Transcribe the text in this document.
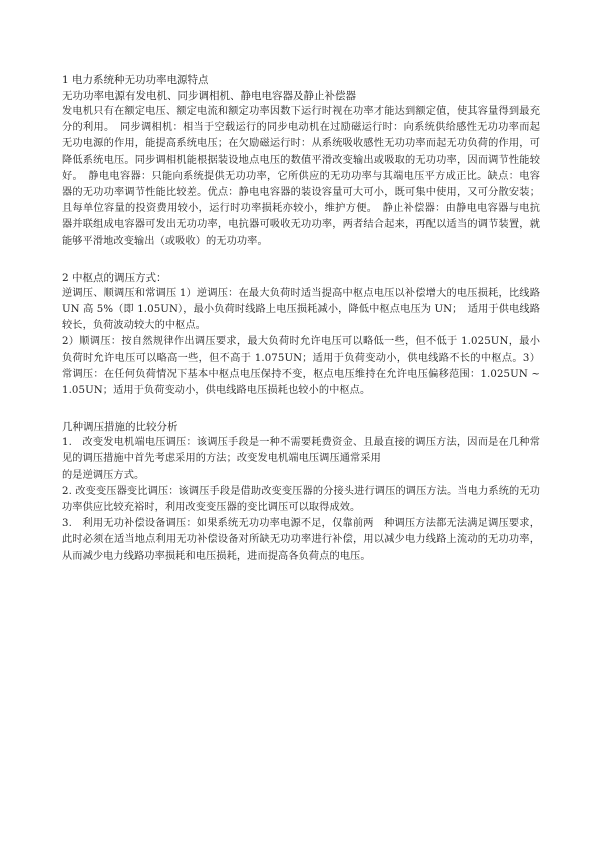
1 电力系统种无功功率电源特点
无功功率电源有发电机、同步调相机、静电电容器及静止补偿器

发电机只有在额定电压、额定电流和额定功率因数下运行时视在功率才能达到额定值，使其容量得到最充分的利用。　同步调相机：相当于空载运行的同步电动机在过励磁运行时：向系统供给感性无功功率而起无功电源的作用，能提高系统电压；在欠励磁运行时：从系统吸收感性无功功率而起无功负荷的作用，可降低系统电压。同步调相机能根据装设地点电压的数值平滑改变输出或吸取的无功功率，因而调节性能较好。　静电电容器：只能向系统提供无功功率，它所供应的无功功率与其端电压平方成正比。缺点：电容器的无功功率调节性能比较差。优点：静电电容器的装设容量可大可小，既可集中使用，又可分散安装；且每单位容量的投资费用较小，运行时功率损耗亦较小，维护方便。　静止补偿器：由静电电容器与电抗器并联组成电容器可发出无功功率，电抗器可吸收无功功率，两者结合起来，再配以适当的调节装置，就能够平滑地改变输出（或吸收）的无功功率。

2 中枢点的调压方式：

逆调压、顺调压和常调压 1）逆调压：在最大负荷时适当提高中枢点电压以补偿增大的电压损耗，比线路 UN 高 5%（即 1.05UN），最小负荷时线路上电压损耗减小，降低中枢点电压为 UN；　适用于供电线路较长，负荷波动较大的中枢点。

2）顺调压：按自然规律作出调压要求，最大负荷时允许电压可以略低一些，但不低于 1.025UN，最小负荷时允许电压可以略高一些，但不高于 1.075UN；适用于负荷变动小，供电线路不长的中枢点。3）常调压：在任何负荷情况下基本中枢点电压保持不变，枢点电压维持在允许电压偏移范围：1.025UN ~ 1.05UN；适用于负荷变动小，供电线路电压损耗也较小的中枢点。

几种调压措施的比较分析

1.　改变发电机端电压调压：该调压手段是一种不需要耗费资金、且最直接的调压方法，因而是在几种常见的调压措施中首先考虑采用的方法；改变发电机端电压调压通常采用

的是逆调压方式。

2. 改变变压器变比调压：该调压手段是借助改变变压器的分接头进行调压的调压方法。当电力系统的无功功率供应比较充裕时，利用改变变压器的变比调压可以取得成效。

3.　利用无功补偿设备调压：如果系统无功功率电源不足，仅靠前两　种调压方法都无法满足调压要求，此时必须在适当地点利用无功补偿设备对所缺无功功率进行补偿，用以减少电力线路上流动的无功功率，从而减少电力线路功率损耗和电压损耗，进而提高各负荷点的电压。
